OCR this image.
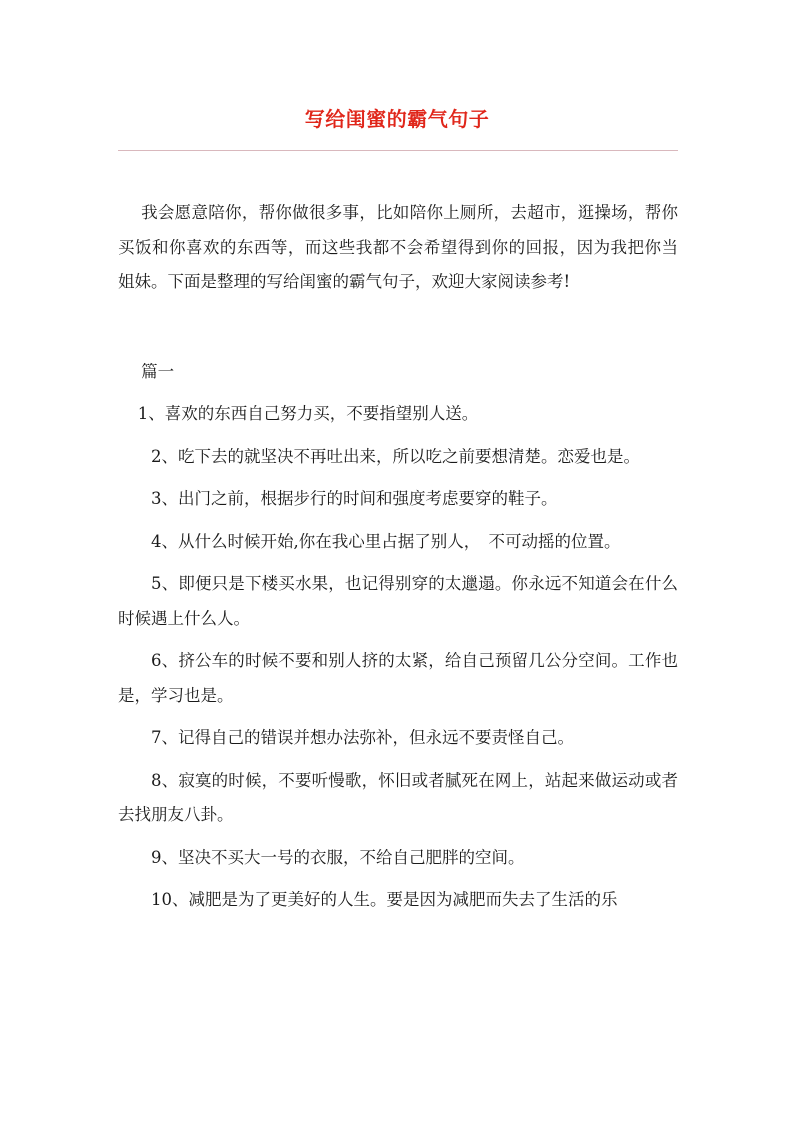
写给闺蜜的霸气句子

我会愿意陪你，帮你做很多事，比如陪你上厕所，去超市，逛操场，帮你买饭和你喜欢的东西等，而这些我都不会希望得到你的回报，因为我把你当姐妹。下面是整理的写给闺蜜的霸气句子，欢迎大家阅读参考!

篇一

1、喜欢的东西自己努力买，不要指望别人送。

2、吃下去的就坚决不再吐出来，所以吃之前要想清楚。恋爱也是。

3、出门之前，根据步行的时间和强度考虑要穿的鞋子。

4、从什么时候开始,你在我心里占据了别人，　不可动摇的位置。

5、即便只是下楼买水果，也记得别穿的太邋遢。你永远不知道会在什么时候遇上什么人。

6、挤公车的时候不要和别人挤的太紧，给自己预留几公分空间。工作也是，学习也是。

7、记得自己的错误并想办法弥补，但永远不要责怪自己。

8、寂寞的时候，不要听慢歌，怀旧或者腻死在网上，站起来做运动或者去找朋友八卦。

9、坚决不买大一号的衣服，不给自己肥胖的空间。

10、减肥是为了更美好的人生。要是因为减肥而失去了生活的乐
